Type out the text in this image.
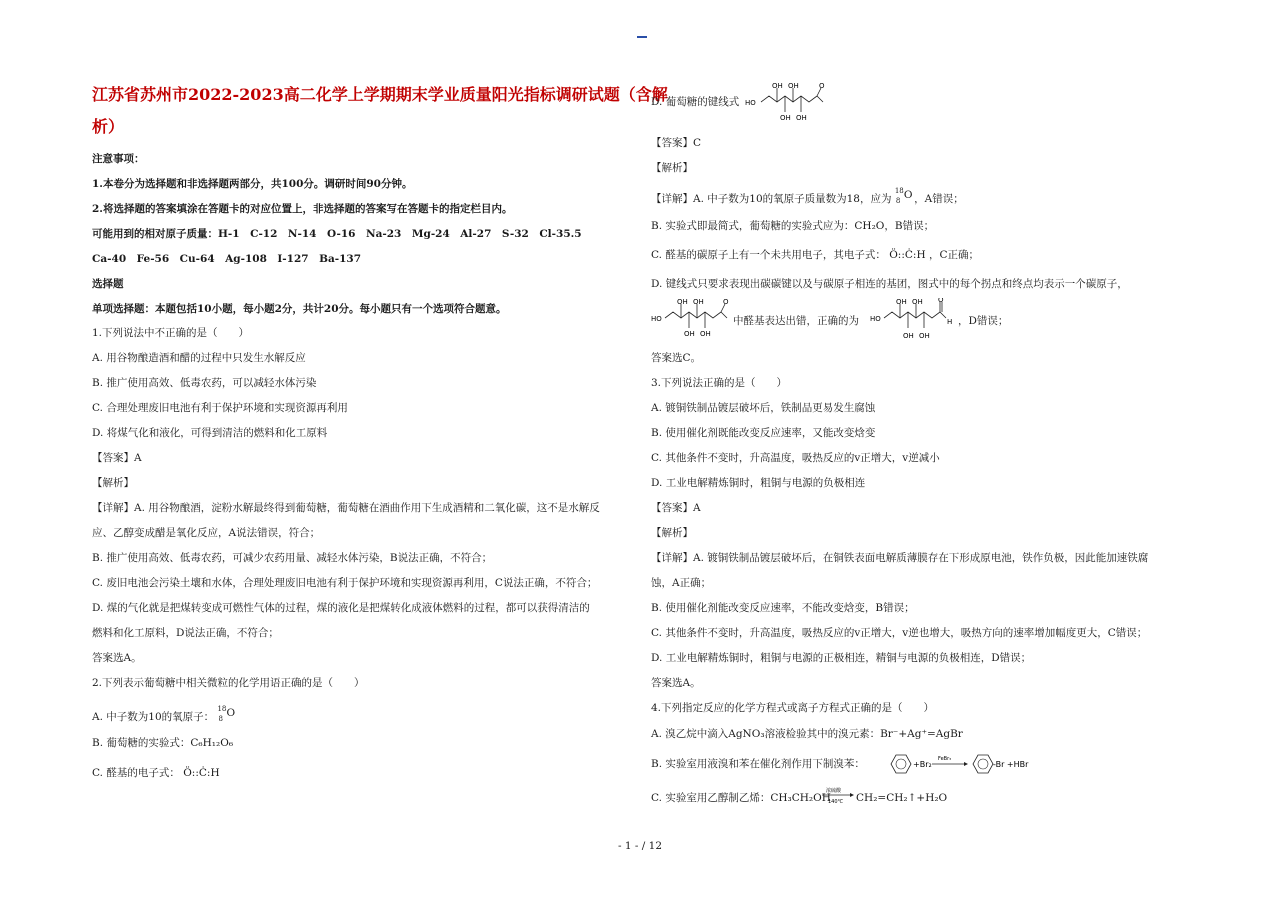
江苏省苏州市2022-2023高二化学上学期期末学业质量阳光指标调研试题（含解
析）
注意事项：
1.本卷分为选择题和非选择题两部分，共100分。调研时间90分钟。
2.将选择题的答案填涂在答题卡的对应位置上，非选择题的答案写在答题卡的指定栏目内。
可能用到的相对原子质量：H-1　C-12　N-14　O-16　Na-23　Mg-24　Al-27　S-32　Cl-35.5
Ca-40　Fe-56　Cu-64　Ag-108　I-127　Ba-137
选择题
单项选择题：本题包括10小题，每小题2分，共计20分。每小题只有一个选项符合题意。
1.下列说法中不正确的是（　　）
A. 用谷物酿造酒和醋的过程中只发生水解反应
B. 推广使用高效、低毒农药，可以减轻水体污染
C. 合理处理废旧电池有利于保护环境和实现资源再利用
D. 将煤气化和液化，可得到清洁的燃料和化工原料
【答案】A
【解析】
【详解】A. 用谷物酿酒，淀粉水解最终得到葡萄糖，葡萄糖在酒曲作用下生成酒精和二氧化碳，这不是水解反
应、乙醇变成醋是氧化反应，A说法错误，符合；
B. 推广使用高效、低毒农药，可减少农药用量、减轻水体污染，B说法正确，不符合；
C. 废旧电池会污染土壤和水体，合理处理废旧电池有利于保护环境和实现资源再利用，C说法正确，不符合；
D. 煤的气化就是把煤转变成可燃性气体的过程，煤的液化是把煤转化成液体燃料的过程，都可以获得清洁的
燃料和化工原料，D说法正确，不符合；
答案选A。
2.下列表示葡萄糖中相关微粒的化学用语正确的是（　　）
A. 中子数为10的氧原子：
18
8 O
B. 葡萄糖的实验式：C₆H₁₂O₆
C. 醛基的电子式： Ö::Ċ:H
D. 葡萄糖的键线式 HO
OH OH
OH OH
O
【答案】C
【解析】
【详解】A. 中子数为10的氧原子质量数为18，应为
18
8 O ，A错误；
B. 实验式即最简式，葡萄糖的实验式应为：CH₂O，B错误；
C. 醛基的碳原子上有一个未共用电子，其电子式： Ö::Ċ:H ，C正确；
D. 键线式只要求表现出碳碳键以及与碳原子相连的基团，图式中的每个拐点和终点均表示一个碳原子，
HO
OH OH
OH OH
O
中醛基表达出错，正确的为 HO
OH OH
OH OH
O
H ，D错误；
答案选C。
3.下列说法正确的是（　　）
A. 镀铜铁制品镀层破坏后，铁制品更易发生腐蚀
B. 使用催化剂既能改变反应速率，又能改变焓变
C. 其他条件不变时，升高温度，吸热反应的v正增大，v逆减小
D. 工业电解精炼铜时，粗铜与电源的负极相连
【答案】A
【解析】
【详解】A. 镀铜铁制品镀层破坏后，在铜铁表面电解质薄膜存在下形成原电池，铁作负极，因此能加速铁腐
蚀，A正确；
B. 使用催化剂能改变反应速率，不能改变焓变，B错误；
C. 其他条件不变时，升高温度，吸热反应的v正增大，v逆也增大，吸热方向的速率增加幅度更大，C错误；
D. 工业电解精炼铜时，粗铜与电源的正极相连，精铜与电源的负极相连，D错误；
答案选A。
4.下列指定反应的化学方程式或离子方程式正确的是（　　）
A. 溴乙烷中滴入AgNO₃溶液检验其中的溴元素：Br⁻+Ag⁺=AgBr
B. 实验室用液溴和苯在催化剂作用下制溴苯：	+Br₂
FeBr₃
-Br +HBr
C. 实验室用乙醇制乙烯：CH₃CH₂OH
浓硫酸
140℃ CH₂=CH₂↑+H₂O
- 1 - / 12
